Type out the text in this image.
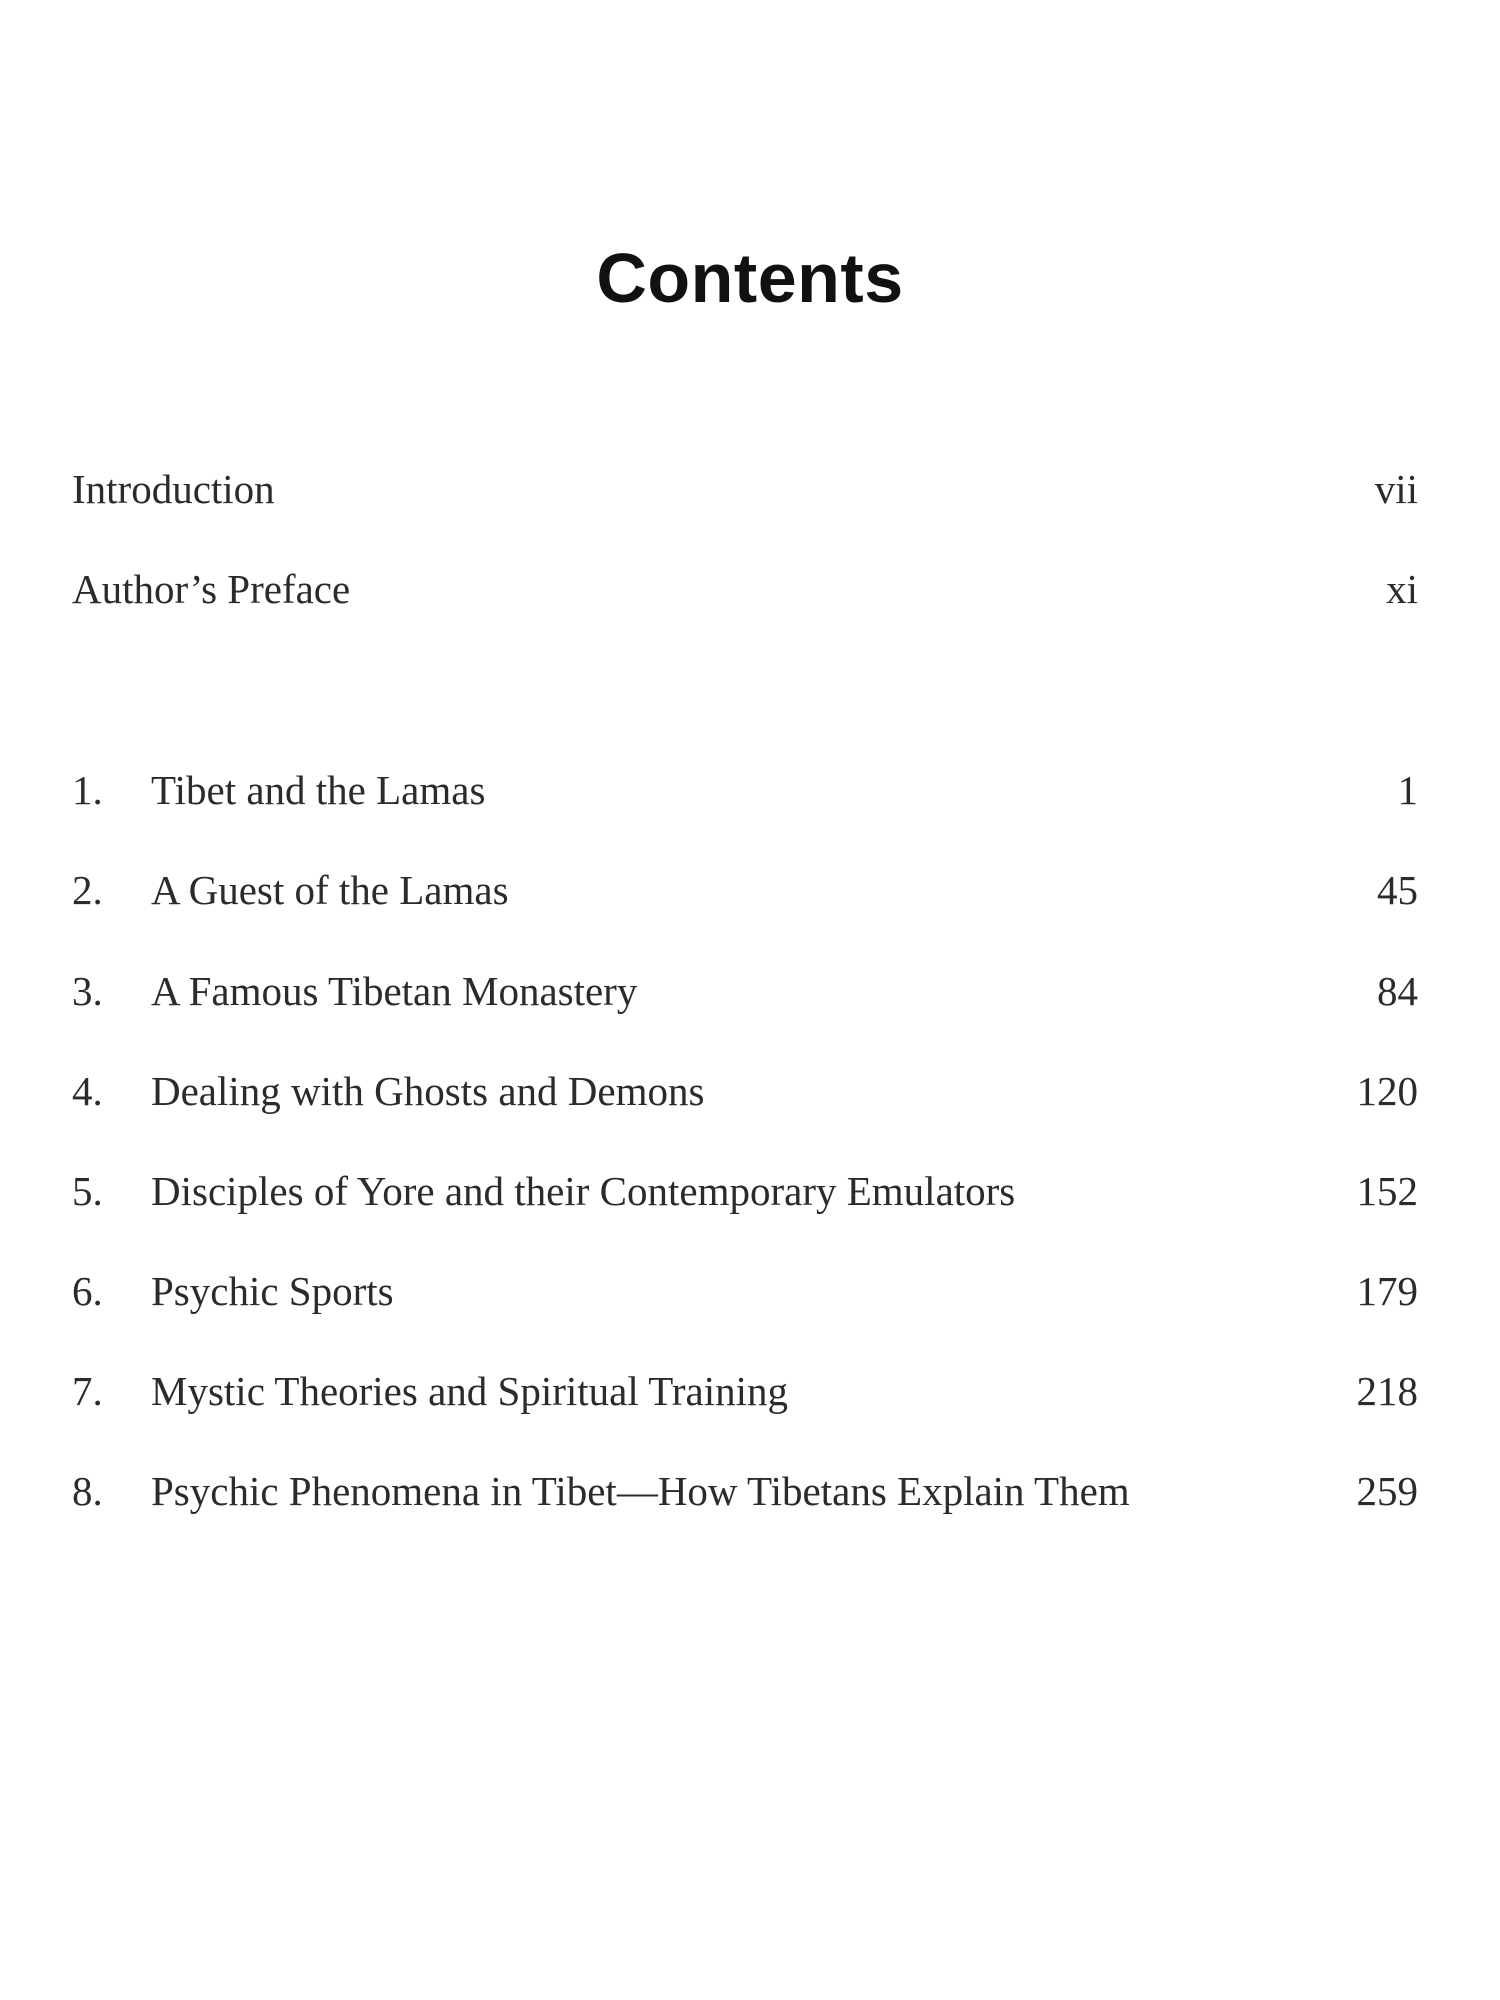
Contents
Introduction	vii
Author’s Preface	xi
1.	Tibet and the Lamas	1
2.	A Guest of the Lamas	45
3.	A Famous Tibetan Monastery	84
4.	Dealing with Ghosts and Demons	120
5.	Disciples of Yore and their Contemporary Emulators	152
6.	Psychic Sports	179
7.	Mystic Theories and Spiritual Training	218
8.	Psychic Phenomena in Tibet—How Tibetans Explain Them	259
